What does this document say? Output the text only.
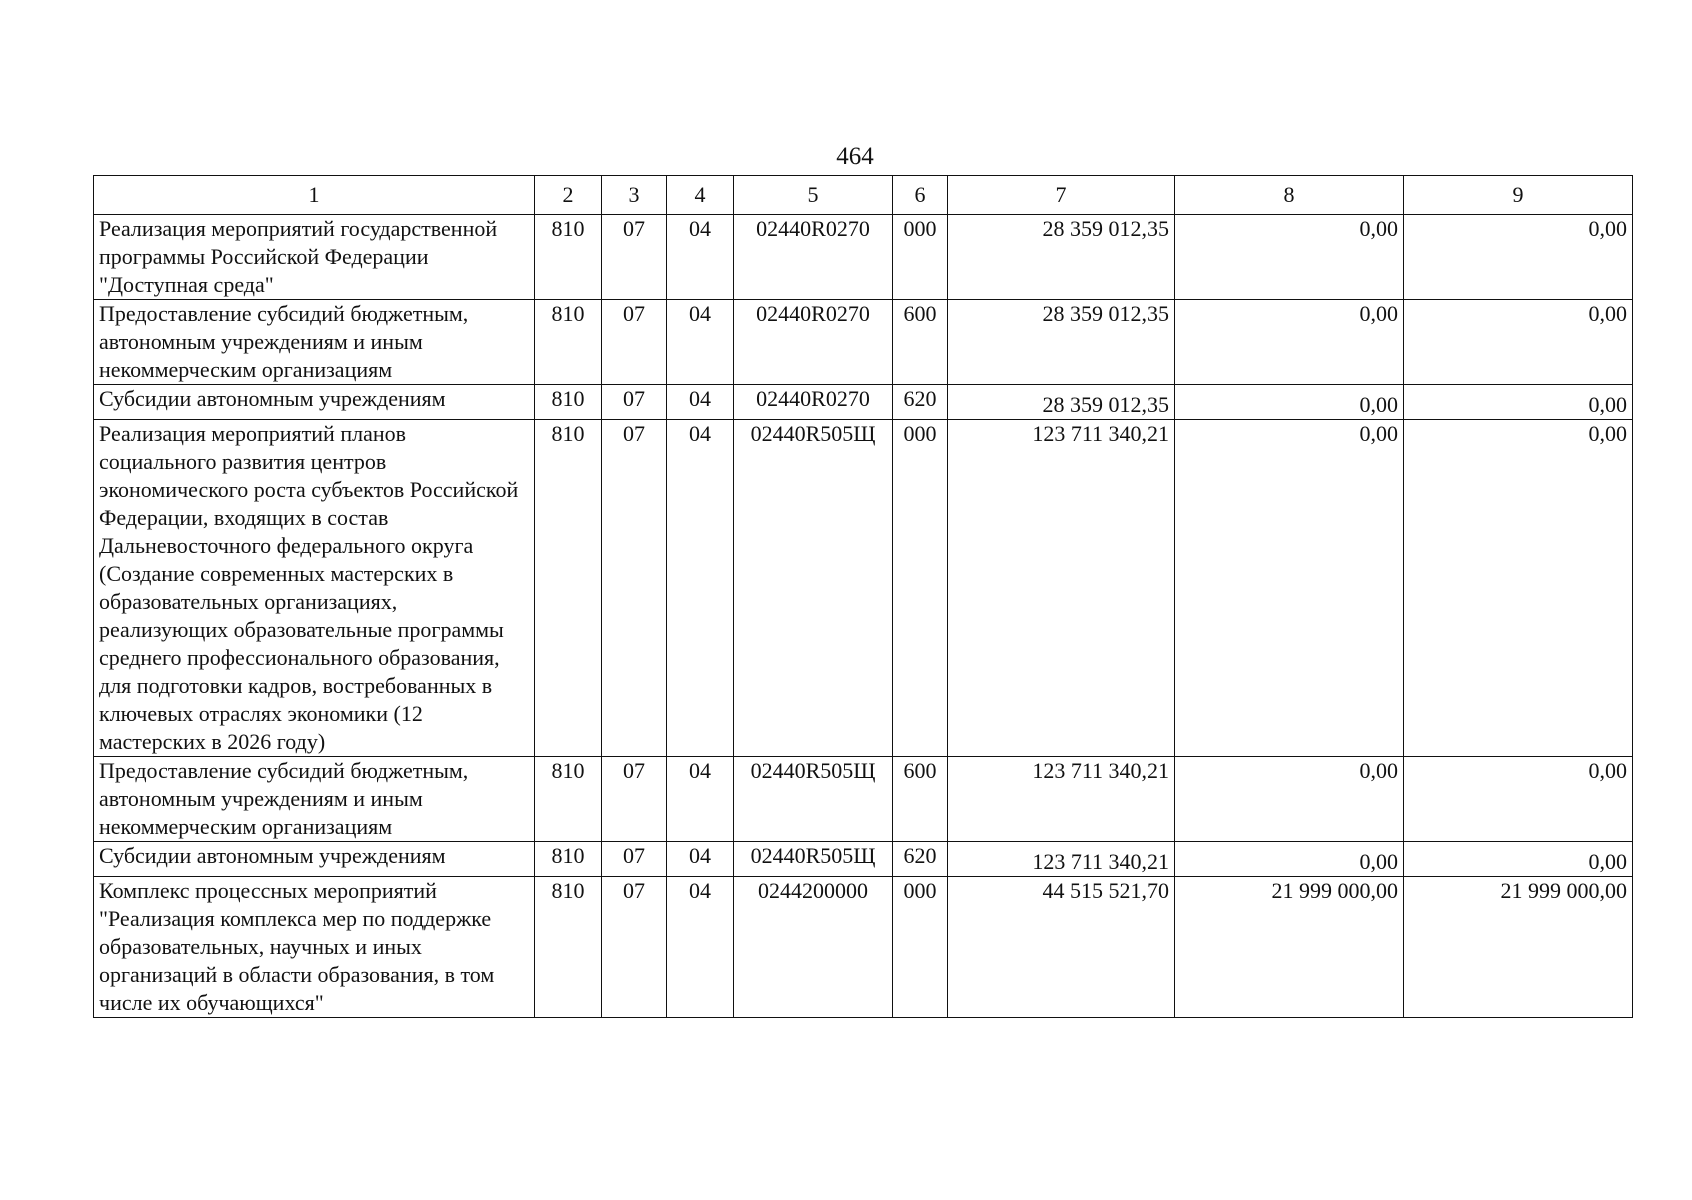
464
1	2	3	4	5	6	7	8	9
Реализация мероприятий государственной программы Российской Федерации "Доступная среда"	810	07	04	02440R0270	000	28 359 012,35	0,00	0,00
Предоставление субсидий бюджетным, автономным учреждениям и иным некоммерческим организациям	810	07	04	02440R0270	600	28 359 012,35	0,00	0,00
Субсидии автономным учреждениям	810	07	04	02440R0270	620	28 359 012,35	0,00	0,00
Реализация мероприятий планов социального развития центров экономического роста субъектов Российской Федерации, входящих в состав Дальневосточного федерального округа (Создание современных мастерских в образовательных организациях, реализующих образовательные программы среднего профессионального образования, для подготовки кадров, востребованных в ключевых отраслях экономики (12 мастерских в 2026 году)	810	07	04	02440R505Щ	000	123 711 340,21	0,00	0,00
Предоставление субсидий бюджетным, автономным учреждениям и иным некоммерческим организациям	810	07	04	02440R505Щ	600	123 711 340,21	0,00	0,00
Субсидии автономным учреждениям	810	07	04	02440R505Щ	620	123 711 340,21	0,00	0,00
Комплекс процессных мероприятий "Реализация комплекса мер по поддержке образовательных, научных и иных организаций в области образования, в том числе их обучающихся"	810	07	04	0244200000	000	44 515 521,70	21 999 000,00	21 999 000,00
